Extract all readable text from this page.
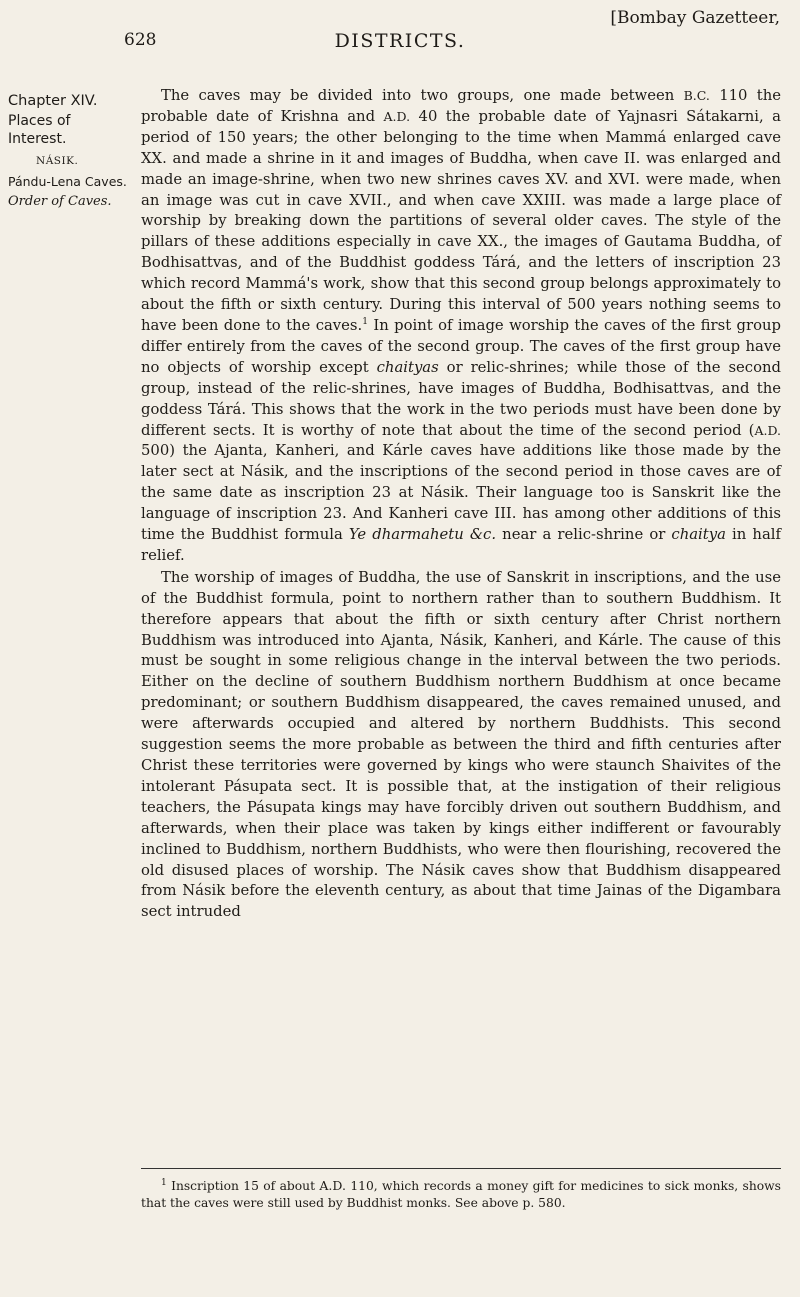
[Bombay Gazetteer,
628	DISTRICTS.
Chapter XIV.
Places of Interest.
NÁSIK.
Pándu-Lena Caves.
Order of Caves.

The caves may be divided into two groups, one made between B.C. 110 the probable date of Krishna and A.D. 40 the probable date of Yajnasri Sátakarni, a period of 150 years; the other belonging to the time when Mammá enlarged cave XX. and made a shrine in it and images of Buddha, when cave II. was enlarged and made an image-shrine, when two new shrines caves XV. and XVI. were made, when an image was cut in cave XVII., and when cave XXIII. was made a large place of worship by breaking down the partitions of several older caves. The style of the pillars of these additions especially in cave XX., the images of Gautama Buddha, of Bodhisattvas, and of the Buddhist goddess Tárá, and the letters of inscription 23 which record Mammá's work, show that this second group belongs approximately to about the fifth or sixth century. During this interval of 500 years nothing seems to have been done to the caves.$^1$ In point of image worship the caves of the first group differ entirely from the caves of the second group. The caves of the first group have no objects of worship except chaityas or relic-shrines; while those of the second group, instead of the relic-shrines, have images of Buddha, Bodhisattvas, and the goddess Tárá. This shows that the work in the two periods must have been done by different sects. It is worthy of note that about the time of the second period (A.D. 500) the Ajanta, Kanheri, and Kárle caves have additions like those made by the later sect at Násik, and the inscriptions of the second period in those caves are of the same date as inscription 23 at Násik. Their language too is Sanskrit like the language of inscription 23. And Kanheri cave III. has among other additions of this time the Buddhist formula Ye dharmahetu &c. near a relic-shrine or chaitya in half relief.

The worship of images of Buddha, the use of Sanskrit in inscriptions, and the use of the Buddhist formula, point to northern rather than to southern Buddhism. It therefore appears that about the fifth or sixth century after Christ northern Buddhism was introduced into Ajanta, Násik, Kanheri, and Kárle. The cause of this must be sought in some religious change in the interval between the two periods. Either on the decline of southern Buddhism northern Buddhism at once became predominant; or southern Buddhism disappeared, the caves remained unused, and were afterwards occupied and altered by northern Buddhists. This second suggestion seems the more probable as between the third and fifth centuries after Christ these territories were governed by kings who were staunch Shaivites of the intolerant Pásupata sect. It is possible that, at the instigation of their religious teachers, the Pásupata kings may have forcibly driven out southern Buddhism, and afterwards, when their place was taken by kings either indifferent or favourably inclined to Buddhism, northern Buddhists, who were then flourishing, recovered the old disused places of worship. The Násik caves show that Buddhism disappeared from Násik before the eleventh century, as about that time Jainas of the Digambara sect intruded

$^1$ Inscription 15 of about A.D. 110, which records a money gift for medicines to sick monks, shows that the caves were still used by Buddhist monks. See above p. 580.
